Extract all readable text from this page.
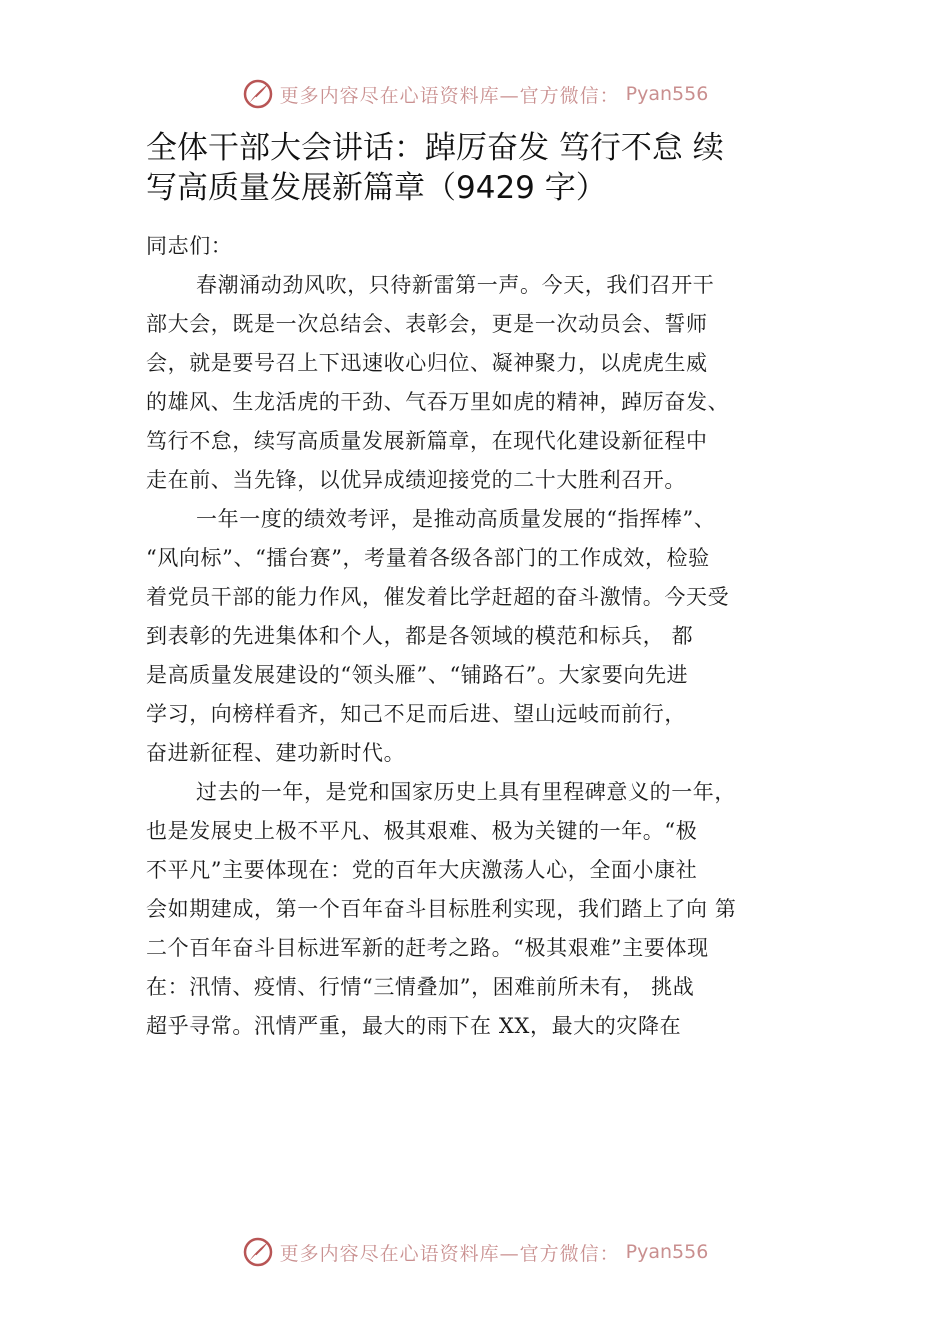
更多内容尽在心语资料库—官方微信： Pyan556
全体干部大会讲话：踔厉奋发 笃行不怠 续
写高质量发展新篇章（9429 字）
同志们：
春潮涌动劲风吹，只待新雷第一声。今天，我们召开干
部大会，既是一次总结会、表彰会，更是一次动员会、誓师
会，就是要号召上下迅速收心归位、凝神聚力，以虎虎生威
的雄风、生龙活虎的干劲、气吞万里如虎的精神，踔厉奋发、
笃行不怠，续写高质量发展新篇章，在现代化建设新征程中
走在前、当先锋，以优异成绩迎接党的二十大胜利召开。
一年一度的绩效考评，是推动高质量发展的“指挥棒”、
“风向标”、“擂台赛”，考量着各级各部门的工作成效，检验
着党员干部的能力作风，催发着比学赶超的奋斗激情。今天受
到表彰的先进集体和个人，都是各领域的模范和标兵， 都
是高质量发展建设的“领头雁”、“铺路石”。大家要向先进
学习，向榜样看齐，知己不足而后进、望山远岐而前行，
奋进新征程、建功新时代。
过去的一年，是党和国家历史上具有里程碑意义的一年，
也是发展史上极不平凡、极其艰难、极为关键的一年。“极
不平凡”主要体现在：党的百年大庆激荡人心，全面小康社
会如期建成，第一个百年奋斗目标胜利实现，我们踏上了向 第
二个百年奋斗目标进军新的赶考之路。“极其艰难”主要体现
在：汛情、疫情、行情“三情叠加”，困难前所未有， 挑战
超乎寻常。汛情严重，最大的雨下在 XX，最大的灾降在
更多内容尽在心语资料库—官方微信： Pyan556
